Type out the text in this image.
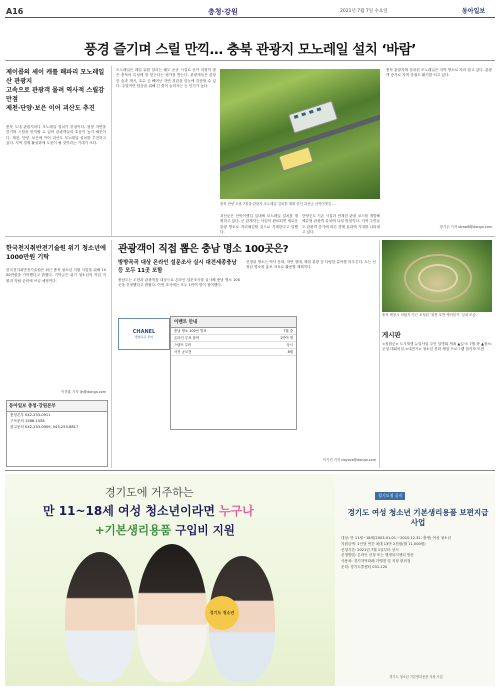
A16	충청·강원	2021년 7월 7일 수요일	동아일보
풍경 즐기며 스릴 만끽… 충북 관광지 모노레일 설치 ‘바람’
제이콥의 세이 캐틀 해파리 모노레일 산 관광지
고속으로 관광객 몰려 역사적 스릴감 만점
제천·단양·보은 이어 괴산도 추진
충북 도내 관광지마다 모노레일 설치가 한창이다. 청정 자연을 즐기며 스릴을 만끽할 수 있어 관광객들의 호응이 높기 때문이다. 제천, 단양, 보은에 이어 괴산도 모노레일 설치를 추진하고 있다. 지역 경제 활성화에 도움이 될 것이라는 기대가 크다.
모노레일은 레일 위를 달리는 궤도 운송 시설로 산악 지형이 많은 충북의 특성에 잘 맞는다는 평가를 받는다. 관광객들은 울창한 숲과 계곡, 호수 등 빼어난 자연 경관을 한눈에 감상할 수 있다. 주말이면 탑승을 위해 긴 줄이 늘어서는 등 인기가 높다.
충북 단양 도담 7경을 관광지 모노레일 설치를 계획 중인 괴산군 산막이옛길 ...
괴산군은 산막이옛길 일대에 모노레일 설치를 계획하고 있다. 군 관계자는 사업이 완료되면 새로운 관광 명소로 자리매김할 것으로 기대한다고 말했다.
단양군도 기존 시설과 연계한 관광 코스를 개발해 체류형 관광객 유치에 나설 방침이다. 지역 주민들도 관광객 증가에 따른 경제 효과에 기대를 나타내고 있다.
충북 관광지에 설치된 모노레일은 지역 명소로 자리 잡고 있다. 관광객 증가로 지역 상권도 활기를 띠고 있다.
장기우 기자 straw8@donga.com
한국천지취반전기술원 위기 청소년에 1000만원 기탁
한국천지취반전기술원은 최근 충북 청소년 지원 사업을 위해 1000만원을 기탁했다고 밝혔다. 기탁금은 위기 청소년의 학업 지원과 자립 준비에 쓰일 예정이다.
이종훈 기자 ljh@donga.com
동아일보 충청·강원본부
충청본부 042-253-0911
구독문의 1588-1558
광고문의 042-253-0909, 043-253-8817
관광객이 직접 뽑은 충남 명소 100곳은?
방방곡곡 대상 온라인 설문조사 실시 대전세종충남 등 모두 11곳 포함
충남도는 도민과 관광객을 대상으로 온라인 설문조사를 실시해 충남 명소 100곳을 선정했다고 밝혔다. 이번 조사에는 모두 1만여 명이 참여했다.
선정된 명소는 역사 문화, 자연 생태, 체험 관광 등 다양한 분야를 아우른다. 도는 선정된 명소를 홍보 자료로 활용할 계획이다.
CHANEL
방방곡곡 투어
이벤트 안내
충남 명소 100선 발표	7월 중
온라인 투표 참여	1만여 명
스탬프 투어	상시
사진 공모전	8월
이기진 기자 doyoce@donga.com
충북 제천시 의림지 인근 조성된 ‘청풍 호반 케이블카’ 일대 모습.
게시판
<청원군> 도시재생 뉴딜사업 주민 설명회 개최 ▲일시: 7월 중 ▲장소: 군청 대회의실 <대전시> 청소년 문화 체험 프로그램 참가자 모집
경기도에 거주하는
만 11~18세 여성 청소년이라면 누구나
+기본생리용품 구입비 지원
경기도 청소년
경기도청 공식
경기도 여성 청소년 기본생리용품 보편지급 사업
대상: 만 11세~18세(2003.01.01.~2010.12.31. 출생) 여성 청소년
지원금액: 1인당 연간 최대 13만 2천원(월 11,000원)
신청기간: 2021년 7월 1일부터 상시
신청방법: 온라인 신청 또는 행정복지센터 방문
사용처: 경기지역화폐 가맹점 및 지정 편의점
문의: 경기도콜센터 031-120
경기도 청소년 기본생리용품 지원 사업
